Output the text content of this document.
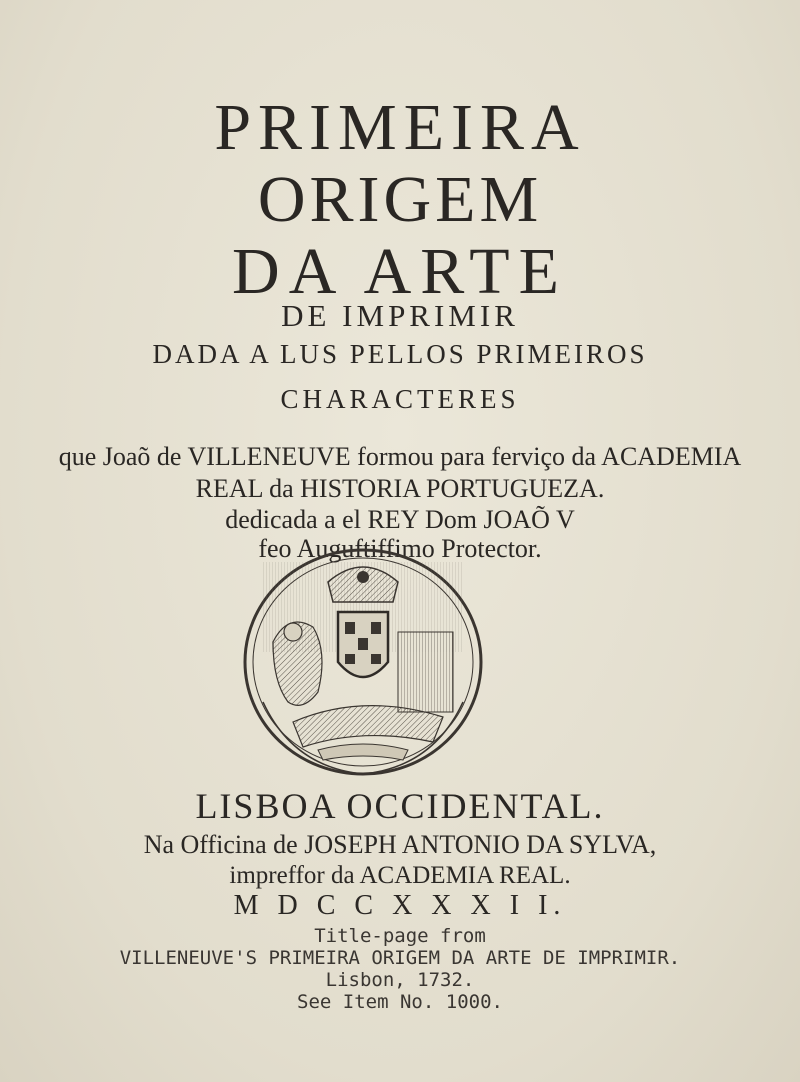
PRIMEIRA
ORIGEM
DA ARTE
DE IMPRIMIR
DADA A LUS PELLOS PRIMEIROS
CHARACTERES
que Joaõ de VILLENEUVE formou para ferviço da ACADEMIA
REAL da HISTORIA PORTUGUEZA.
dedicada a el REY Dom JOAÕ V
feo Auguftiffimo Protector.
LISBOA OCCIDENTAL.
Na Officina de JOSEPH ANTONIO DA SYLVA,
impreffor da ACADEMIA REAL.
M D C C X X X I I.
Title-page from
VILLENEUVE'S PRIMEIRA ORIGEM DA ARTE DE IMPRIMIR.
Lisbon, 1732.
See Item No. 1000.
